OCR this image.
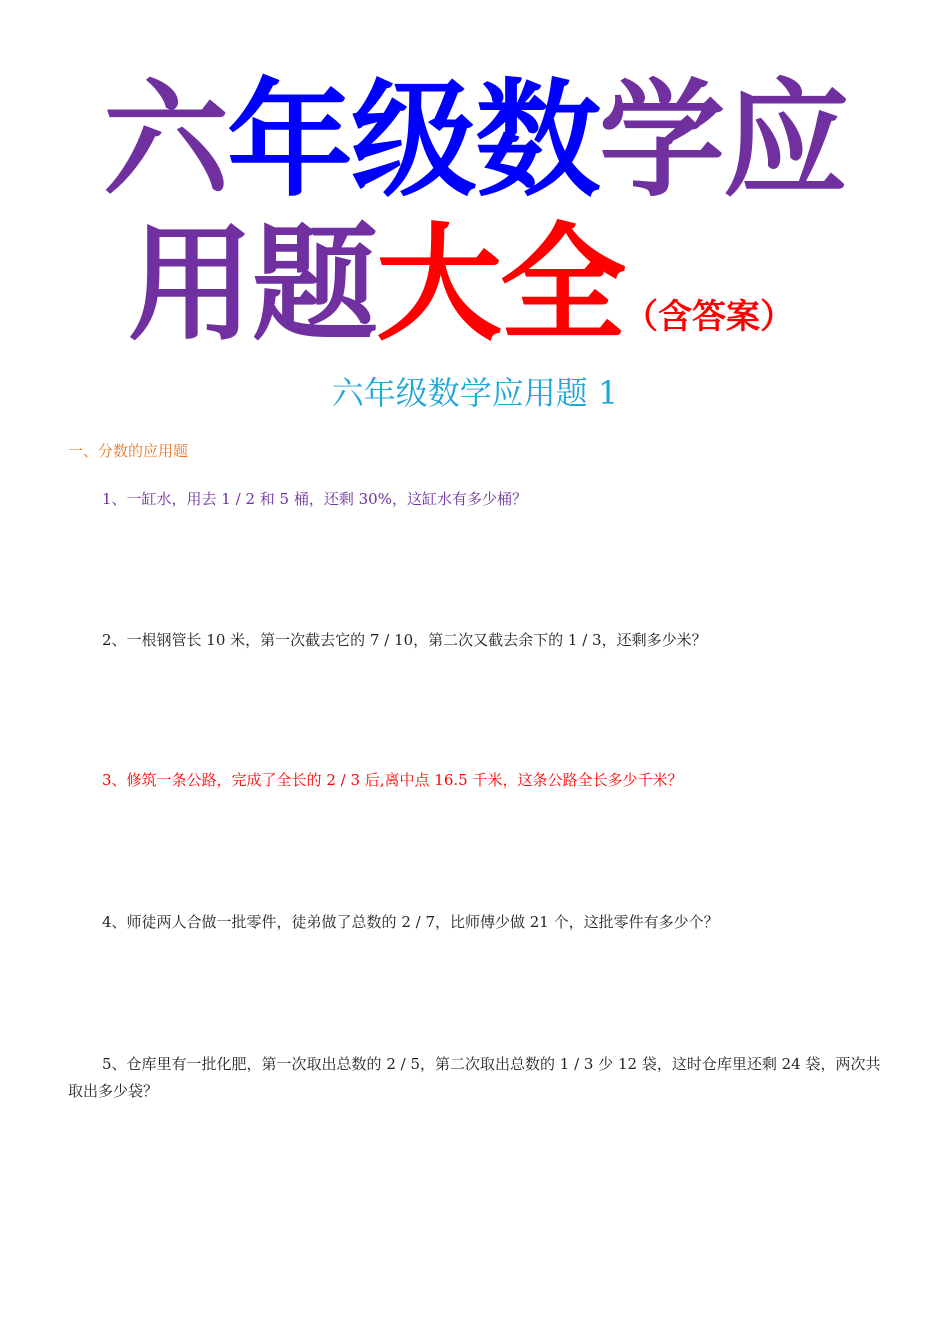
六年级数学应
用题大全（含答案）
六年级数学应用题 1
一、分数的应用题
1、一缸水，用去 1 / 2 和 5 桶，还剩 30%，这缸水有多少桶？
2、一根钢管长 10 米，第一次截去它的 7 / 10，第二次又截去余下的 1 / 3，还剩多少米？
3、修筑一条公路，完成了全长的 2 / 3 后,离中点 16.5 千米，这条公路全长多少千米？
4、师徒两人合做一批零件，徒弟做了总数的 2 / 7，比师傅少做 21 个，这批零件有多少个？
5、仓库里有一批化肥，第一次取出总数的 2 / 5，第二次取出总数的 1 / 3 少 12 袋，这时仓库里还剩 24 袋，两次共取出多少袋？
